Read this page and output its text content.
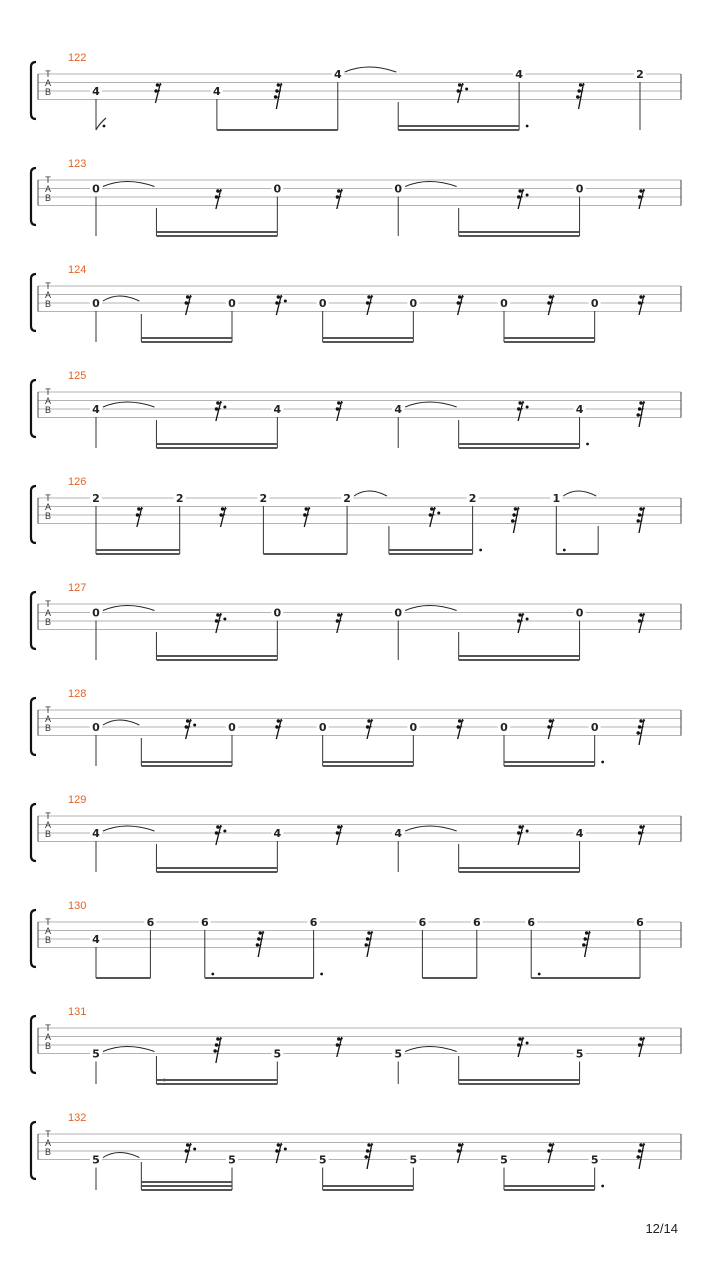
T
A
B
122
4	4
4	4	2
T
A
B
123
0	0	0	0
T
A
B
124
0	0	0	0	0	0
T
A
B
125
4	4	4	4
T
A
B
126
2	2	2	2	2	1
T
A
B
127
0	0	0	0
T
A
B
128
0	0	0	0	0	0
T
A
B
129
4	4	4	4
T
A
B
130
4
6	6	6	6	6	6	6
T
A
B
131
5	5	5	5
T
A
B
132
5	5	5	5	5	5
12/14
